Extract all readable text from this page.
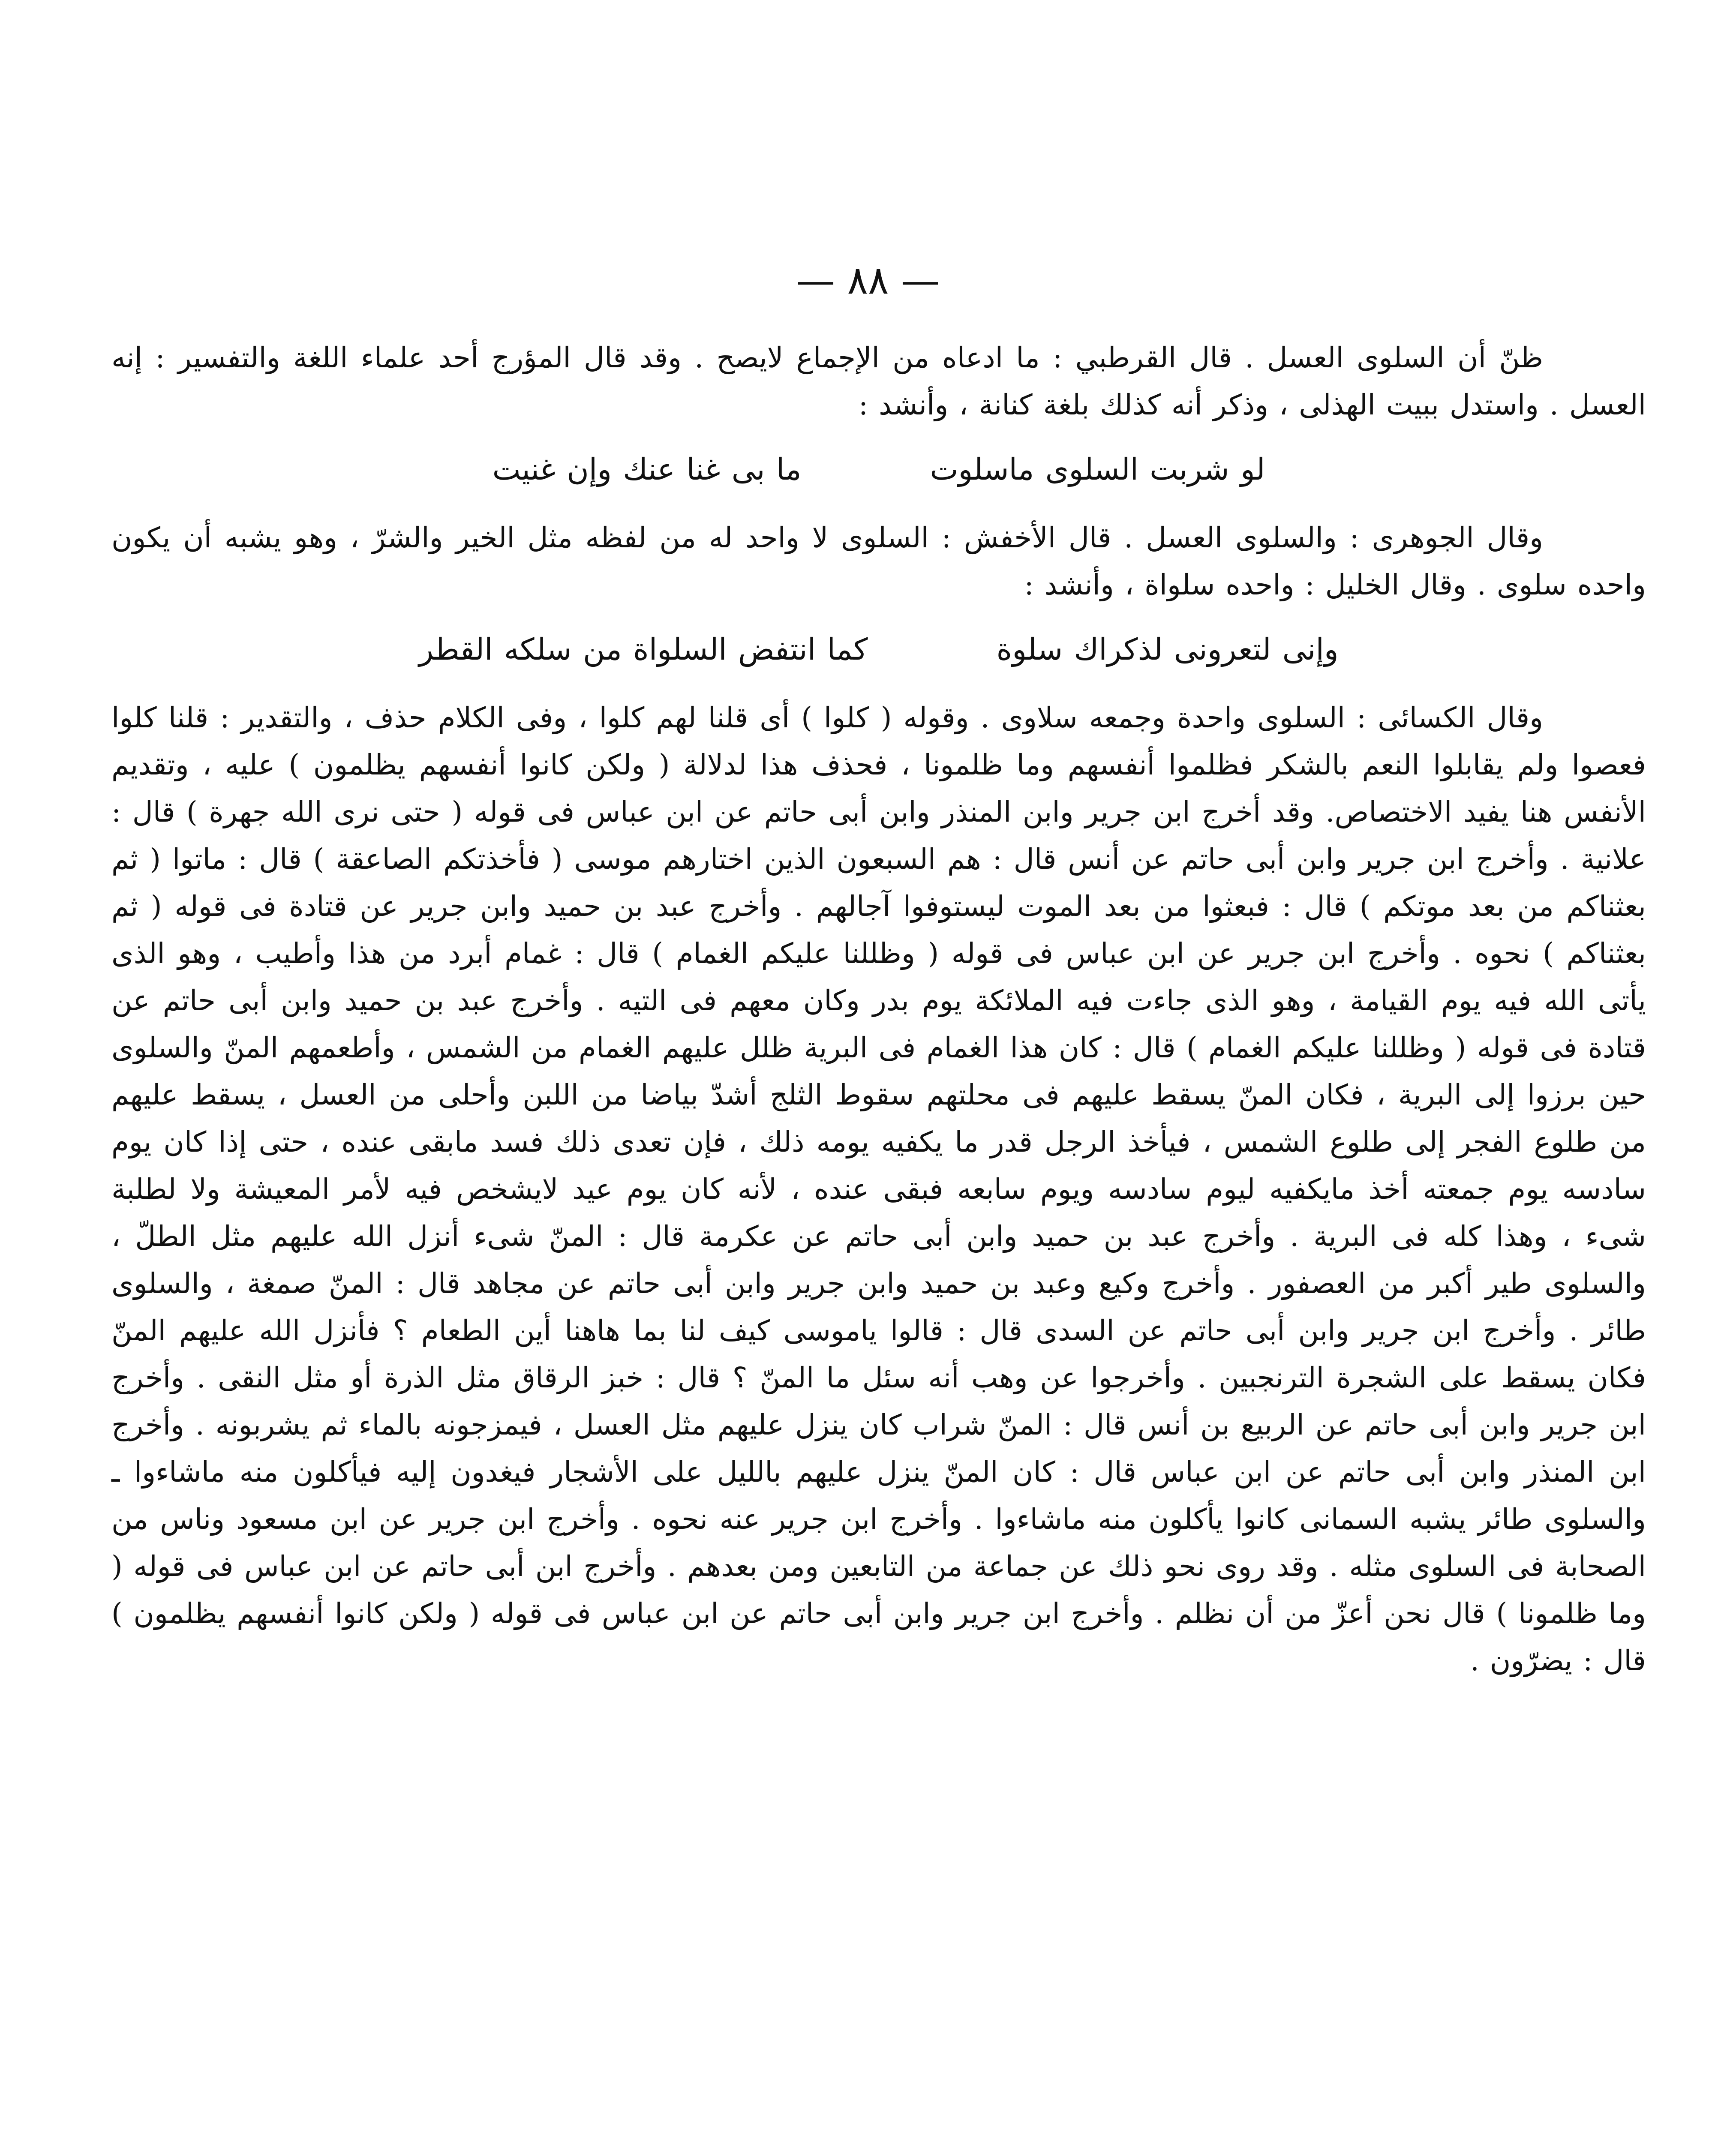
— ٨٨ —

ظنّ أن السلوى العسل . قال القرطبي : ما ادعاه من الإجماع لايصح . وقد قال المؤرج أحد علماء اللغة والتفسير : إنه العسل . واستدل ببيت الهذلى ، وذكر أنه كذلك بلغة كنانة ، وأنشد :

لو شربت السلوى ماسلوت
ما بى غنا عنك وإن غنيت

وقال الجوهرى : والسلوى العسل . قال الأخفش : السلوى لا واحد له من لفظه مثل الخير والشرّ ، وهو يشبه أن يكون واحده سلوى . وقال الخليل : واحده سلواة ، وأنشد :

وإنى لتعرونى لذكراك سلوة
كما انتفض السلواة من سلكه القطر

وقال الكسائى : السلوى واحدة وجمعه سلاوى . وقوله ( كلوا ) أى قلنا لهم كلوا ، وفى الكلام حذف ، والتقدير : قلنا كلوا فعصوا ولم يقابلوا النعم بالشكر فظلموا أنفسهم وما ظلمونا ، فحذف هذا لدلالة ( ولكن كانوا أنفسهم يظلمون ) عليه ، وتقديم الأنفس هنا يفيد الاختصاص. وقد أخرج ابن جرير وابن المنذر وابن أبى حاتم عن ابن عباس فى قوله ( حتى نرى الله جهرة ) قال : علانية . وأخرج ابن جرير وابن أبى حاتم عن أنس قال : هم السبعون الذين اختارهم موسى ( فأخذتكم الصاعقة ) قال : ماتوا ( ثم بعثناكم من بعد موتكم ) قال : فبعثوا من بعد الموت ليستوفوا آجالهم . وأخرج عبد بن حميد وابن جرير عن قتادة فى قوله ( ثم بعثناكم ) نحوه . وأخرج ابن جرير عن ابن عباس فى قوله ( وظللنا عليكم الغمام ) قال : غمام أبرد من هذا وأطيب ، وهو الذى يأتى الله فيه يوم القيامة ، وهو الذى جاءت فيه الملائكة يوم بدر وكان معهم فى التيه . وأخرج عبد بن حميد وابن أبى حاتم عن قتادة فى قوله ( وظللنا عليكم الغمام ) قال : كان هذا الغمام فى البرية ظلل عليهم الغمام من الشمس ، وأطعمهم المنّ والسلوى حين برزوا إلى البرية ، فكان المنّ يسقط عليهم فى محلتهم سقوط الثلج أشدّ بياضا من اللبن وأحلى من العسل ، يسقط عليهم من طلوع الفجر إلى طلوع الشمس ، فيأخذ الرجل قدر ما يكفيه يومه ذلك ، فإن تعدى ذلك فسد مابقى عنده ، حتى إذا كان يوم سادسه يوم جمعته أخذ مايكفيه ليوم سادسه ويوم سابعه فبقى عنده ، لأنه كان يوم عيد لايشخص فيه لأمر المعيشة ولا لطلبة شىء ، وهذا كله فى البرية . وأخرج عبد بن حميد وابن أبى حاتم عن عكرمة قال : المنّ شىء أنزل الله عليهم مثل الطلّ ، والسلوى طير أكبر من العصفور . وأخرج وكيع وعبد بن حميد وابن جرير وابن أبى حاتم عن مجاهد قال : المنّ صمغة ، والسلوى طائر . وأخرج ابن جرير وابن أبى حاتم عن السدى قال : قالوا ياموسى كيف لنا بما هاهنا أين الطعام ؟ فأنزل الله عليهم المنّ فكان يسقط على الشجرة الترنجبين . وأخرجوا عن وهب أنه سئل ما المنّ ؟ قال : خبز الرقاق مثل الذرة أو مثل النقى . وأخرج ابن جرير وابن أبى حاتم عن الربيع بن أنس قال : المنّ شراب كان ينزل عليهم مثل العسل ، فيمزجونه بالماء ثم يشربونه . وأخرج ابن المنذر وابن أبى حاتم عن ابن عباس قال : كان المنّ ينزل عليهم بالليل على الأشجار فيغدون إليه فيأكلون منه ماشاءوا ـ والسلوى طائر يشبه السمانى كانوا يأكلون منه ماشاءوا . وأخرج ابن جرير عنه نحوه . وأخرج ابن جرير عن ابن مسعود وناس من الصحابة فى السلوى مثله . وقد روى نحو ذلك عن جماعة من التابعين ومن بعدهم . وأخرج ابن أبى حاتم عن ابن عباس فى قوله ( وما ظلمونا ) قال نحن أعزّ من أن نظلم . وأخرج ابن جرير وابن أبى حاتم عن ابن عباس فى قوله ( ولكن كانوا أنفسهم يظلمون ) قال : يضرّون .
